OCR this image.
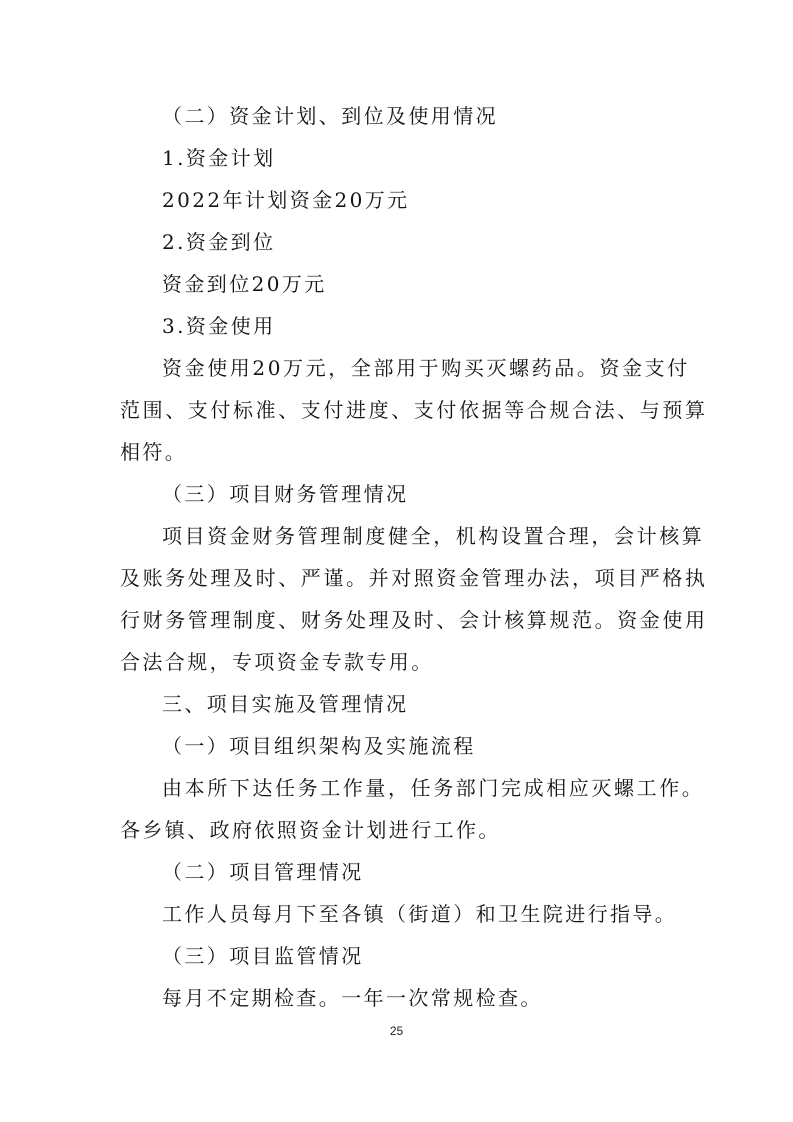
（二）资金计划、到位及使用情况
1.资金计划
2022年计划资金20万元
2.资金到位
资金到位20万元
3.资金使用
资金使用20万元，全部用于购买灭螺药品。资金支付
范围、支付标准、支付进度、支付依据等合规合法、与预算
相符。
（三）项目财务管理情况
项目资金财务管理制度健全，机构设置合理，会计核算
及账务处理及时、严谨。并对照资金管理办法，项目严格执
行财务管理制度、财务处理及时、会计核算规范。资金使用
合法合规，专项资金专款专用。
三、项目实施及管理情况
（一）项目组织架构及实施流程
由本所下达任务工作量，任务部门完成相应灭螺工作。
各乡镇、政府依照资金计划进行工作。
（二）项目管理情况
工作人员每月下至各镇（街道）和卫生院进行指导。
（三）项目监管情况
每月不定期检查。一年一次常规检查。
25
